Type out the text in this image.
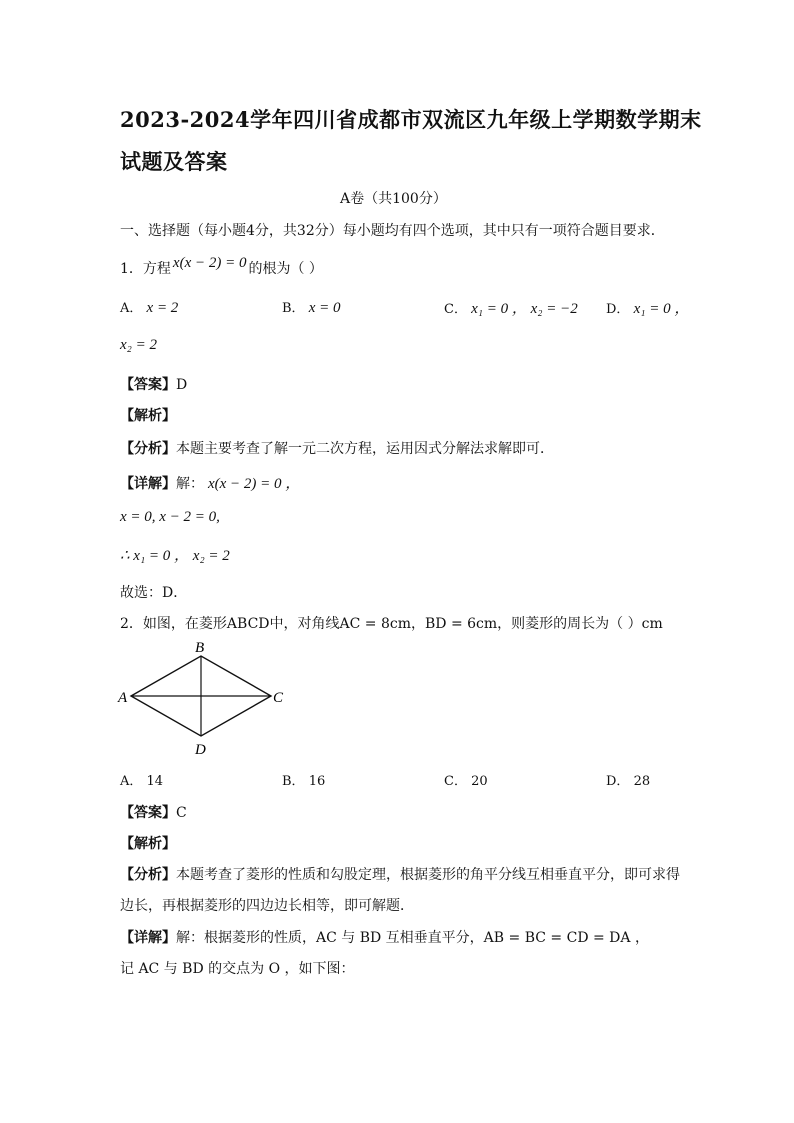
2023-2024学年四川省成都市双流区九年级上学期数学期末
试题及答案
A卷（共100分）
一、选择题（每小题4分，共32分）每小题均有四个选项，其中只有一项符合题目要求．
1．方程 x(x − 2) = 0 的根为（ ）
A． x = 2	B． x = 0	C． x₁ = 0 ， x₂ = −2 D． x₁ = 0 ，
x₂ = 2
【答案】D
【解析】
【分析】本题主要考查了解一元二次方程，运用因式分解法求解即可．
【详解】解： x(x − 2) = 0 ，
x = 0, x − 2 = 0,
∴ x₁ = 0 ， x₂ = 2
故选：D．
2．如图，在菱形ABCD中，对角线AC = 8cm，BD = 6cm，则菱形的周长为（ ）cm
A
B
C
D
A． 14	B． 16	C． 20	D． 28
【答案】C
【解析】
【分析】本题考查了菱形的性质和勾股定理，根据菱形的角平分线互相垂直平分，即可求得
边长，再根据菱形的四边边长相等，即可解题．
【详解】解：根据菱形的性质，AC 与 BD 互相垂直平分，AB = BC = CD = DA ，
记 AC 与 BD 的交点为 O ，如下图：
